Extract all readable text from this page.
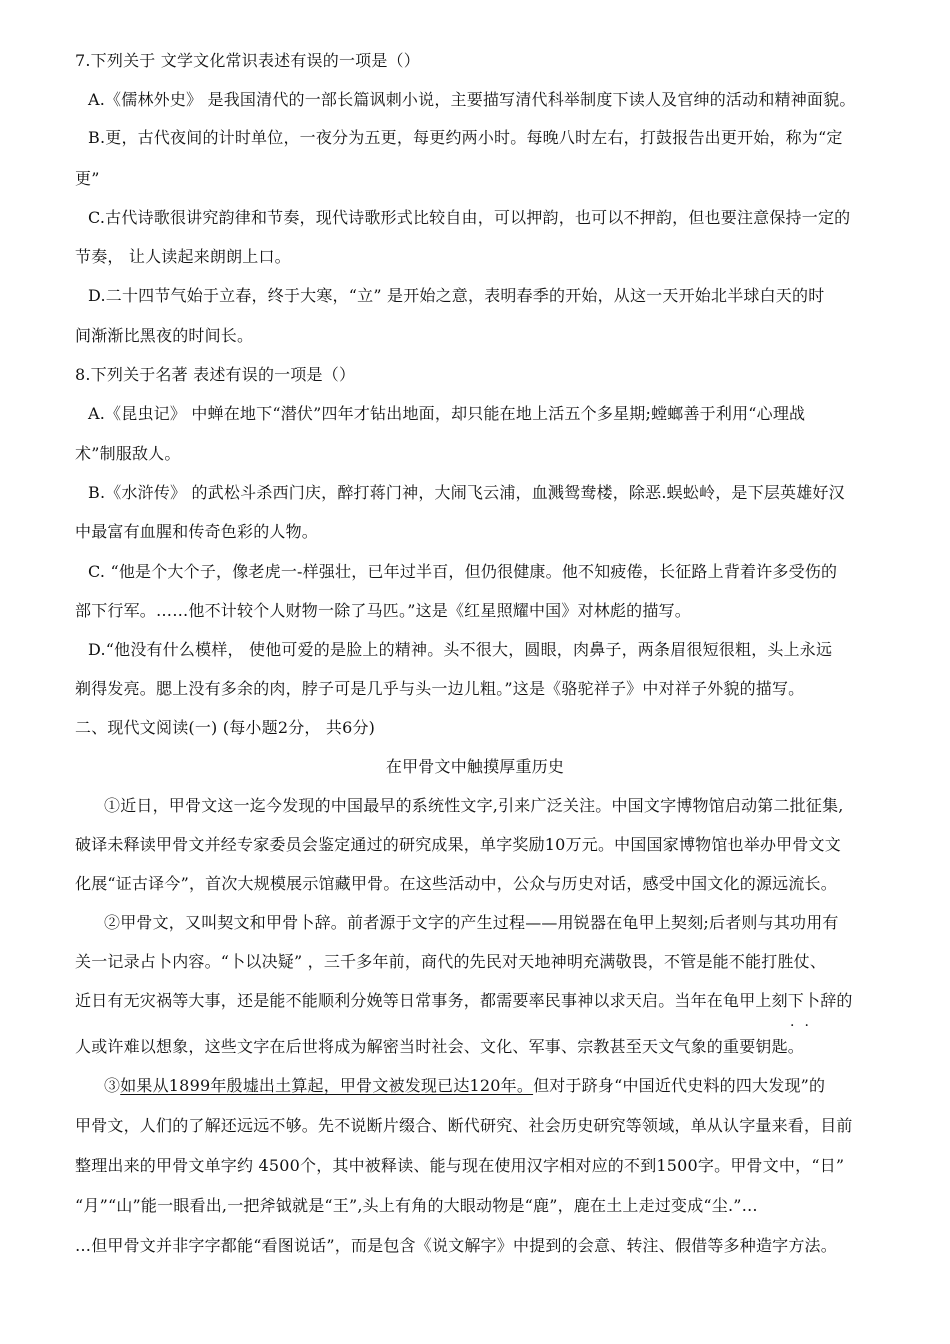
7.下列关于 文学文化常识表述有误的一项是（）
A.《儒林外史》 是我国清代的一部长篇讽刺小说，主要描写清代科举制度下读人及官绅的活动和精神面貌。
B.更，古代夜间的计时单位，一夜分为五更，每更约两小时。每晚八时左右，打鼓报告出更开始，称为“定
更”
C.古代诗歌很讲究韵律和节奏，现代诗歌形式比较自由，可以押韵，也可以不押韵，但也要注意保持一定的
节奏， 让人读起来朗朗上口。
D.二十四节气始于立春，终于大寒，“立” 是开始之意，表明春季的开始，从这一天开始北半球白天的时
间渐渐比黑夜的时间长。
8.下列关于名著 表述有误的一项是（）
A.《昆虫记》 中蝉在地下“潜伏”四年才钻出地面，却只能在地上活五个多星期;螳螂善于利用“心理战
术”制服敌人。
B.《水浒传》 的武松斗杀西门庆，醉打蒋门神，大闹飞云浦，血溅鸳鸯楼，除恶.蜈蚣岭，是下层英雄好汉
中最富有血腥和传奇色彩的人物。
C. “他是个大个子，像老虎一-样强壮，已年过半百，但仍很健康。他不知疲倦，长征路上背着许多受伤的
部下行军。……他不计较个人财物一除了马匹。”这是《红星照耀中国》对林彪的描写。
D.“他没有什么模样， 使他可爱的是脸上的精神。头不很大，圆眼，肉鼻子，两条眉很短很粗，头上永远
剃得发亮。腮上没有多余的肉，脖子可是几乎与头一边儿粗。”这是《骆驼祥子》中对祥子外貌的描写。
二、现代文阅读(一) (每小题2分， 共6分)
在甲骨文中触摸厚重历史
①近日，甲骨文这一迄今发现的中国最早的系统性文字,引来广泛关注。中国文字博物馆启动第二批征集,
破译未释读甲骨文并经专家委员会鉴定通过的研究成果，单字奖励10万元。中国国家博物馆也举办甲骨文文
化展“证古译今”，首次大规模展示馆藏甲骨。在这些活动中，公众与历史对话，感受中国文化的源远流长。
②甲骨文，又叫契文和甲骨卜辞。前者源于文字的产生过程——用锐器在龟甲上契刻;后者则与其功用有
关一记录占卜内容。“卜以决疑” ，三千多年前，商代的先民对天地神明充满敬畏，不管是能不能打胜仗、
近日有无灾祸等大事，还是能不能顺利分娩等日常事务，都需要率民事神以求天启。当年在龟甲上刻下卜辞的
··
人或许难以想象，这些文字在后世将成为解密当时社会、文化、军事、宗教甚至天文气象的重要钥匙。
③如果从1899年殷墟出土算起，甲骨文被发现已达120年。但对于跻身“中国近代史料的四大发现”的
甲骨文，人们的了解还远远不够。先不说断片缀合、断代研究、社会历史研究等领域，单从认字量来看，目前
整理出来的甲骨文单字约 4500个，其中被释读、能与现在使用汉字相对应的不到1500字。甲骨文中，“日”
“月”“山”能一眼看出,一把斧钺就是“王”,头上有角的大眼动物是“鹿”，鹿在土上走过变成“尘.”…
…但甲骨文并非字字都能“看图说话”，而是包含《说文解字》中提到的会意、转注、假借等多种造字方法。
